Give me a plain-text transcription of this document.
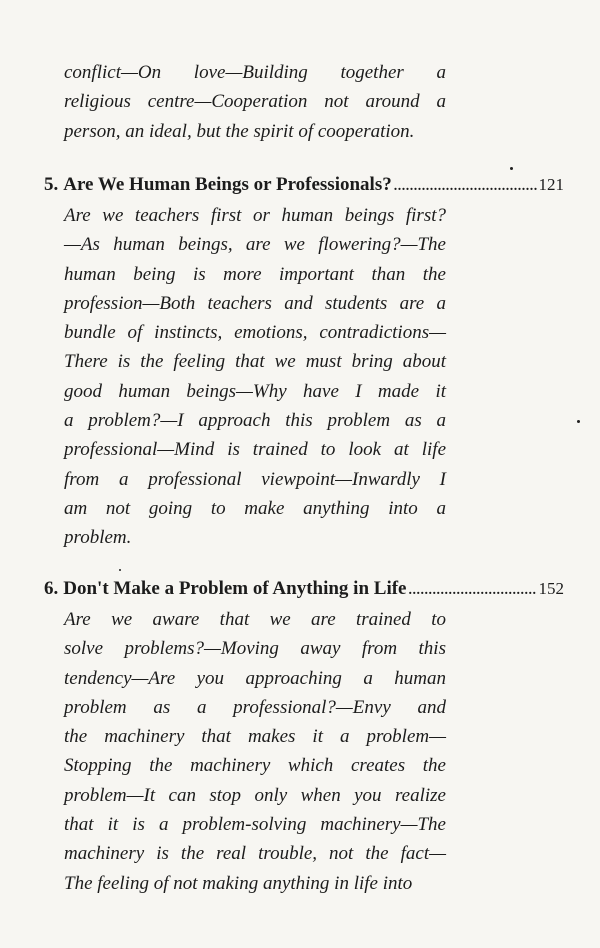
conflict—On love—Building together a
religious centre—Cooperation not around a
person, an ideal, but the spirit of cooperation.

5. Are We Human Beings or Professionals? .....	121

Are we teachers first or human beings first?
—As human beings, are we flowering?—The
human being is more important than the
profession—Both teachers and students are a
bundle of instincts, emotions, contradictions—
There is the feeling that we must bring about
good human beings—Why have I made it
a problem?—I approach this problem as a
professional—Mind is trained to look at life
from a professional viewpoint—Inwardly I
am not going to make anything into a
problem.

6. Don't Make a Problem of Anything in Life .....	152

Are we aware that we are trained to
solve problems?—Moving away from this
tendency—Are you approaching a human
problem as a professional?—Envy and
the machinery that makes it a problem—
Stopping the machinery which creates the
problem—It can stop only when you realize
that it is a problem-solving machinery—The
machinery is the real trouble, not the fact—
The feeling of not making anything in life into
